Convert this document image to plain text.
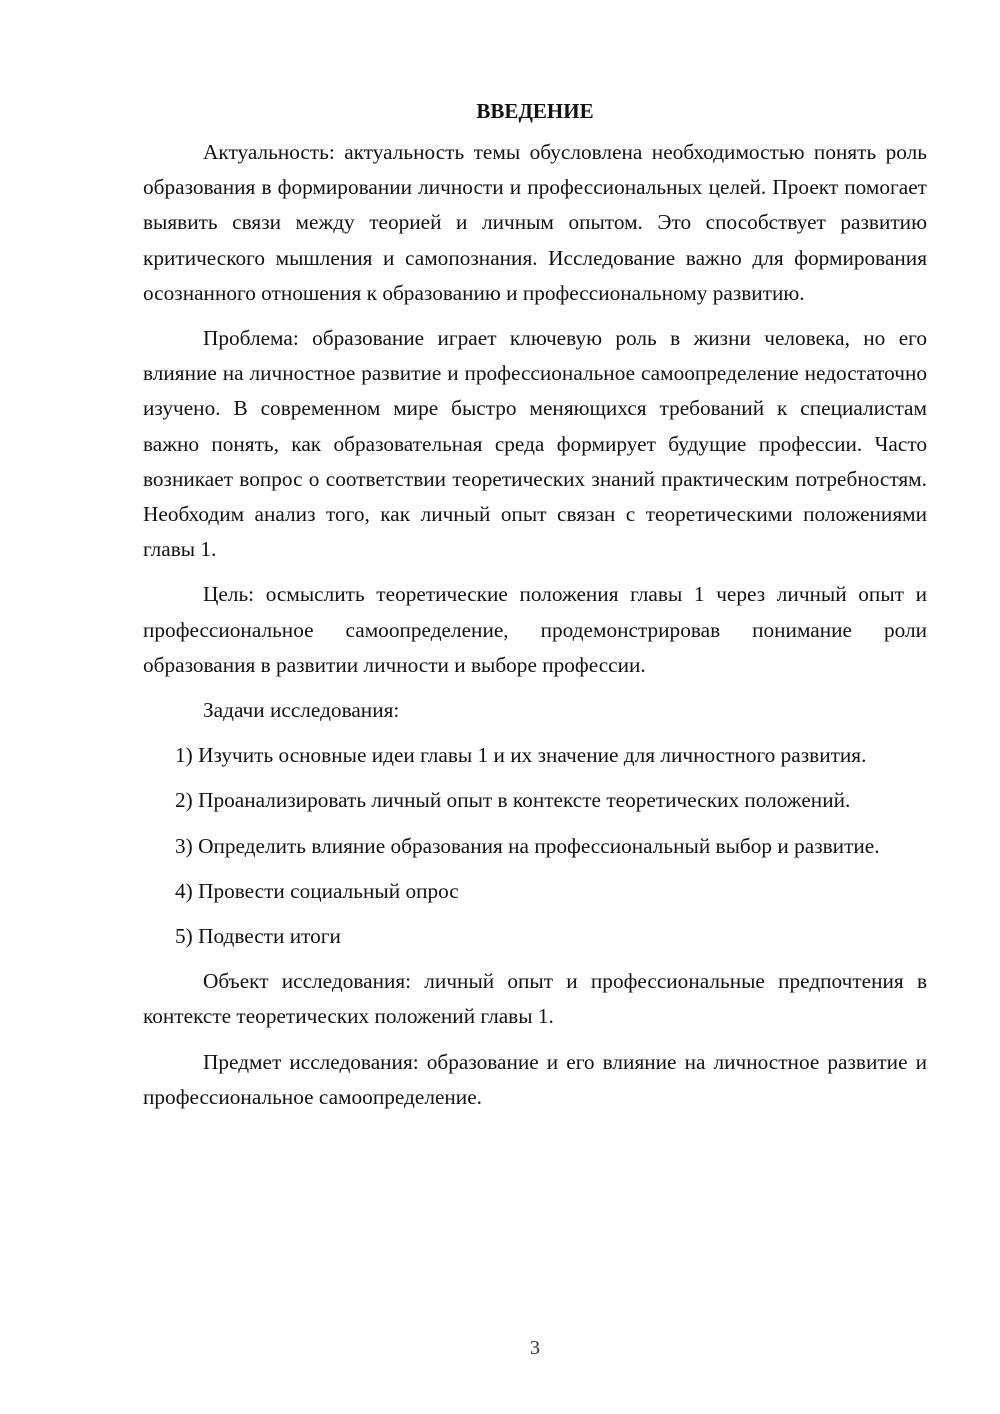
ВВЕДЕНИЕ

Актуальность: актуальность темы обусловлена необходимостью понять роль образования в формировании личности и профессиональных целей. Проект помогает выявить связи между теорией и личным опытом. Это способствует развитию критического мышления и самопознания. Исследование важно для формирования осознанного отношения к образованию и профессиональному развитию.

Проблема: образование играет ключевую роль в жизни человека, но его влияние на личностное развитие и профессиональное самоопределение недостаточно изучено. В современном мире быстро меняющихся требований к специалистам важно понять, как образовательная среда формирует будущие профессии. Часто возникает вопрос о соответствии теоретических знаний практическим потребностям. Необходим анализ того, как личный опыт связан с теоретическими положениями главы 1.

Цель: осмыслить теоретические положения главы 1 через личный опыт и профессиональное самоопределение, продемонстрировав понимание роли образования в развитии личности и выборе профессии.

Задачи исследования:

1) Изучить основные идеи главы 1 и их значение для личностного развития.

2) Проанализировать личный опыт в контексте теоретических положений.

3) Определить влияние образования на профессиональный выбор и развитие.

4) Провести социальный опрос

5) Подвести итоги

Объект исследования: личный опыт и профессиональные предпочтения в контексте теоретических положений главы 1.

Предмет исследования: образование и его влияние на личностное развитие и профессиональное самоопределение.

3
